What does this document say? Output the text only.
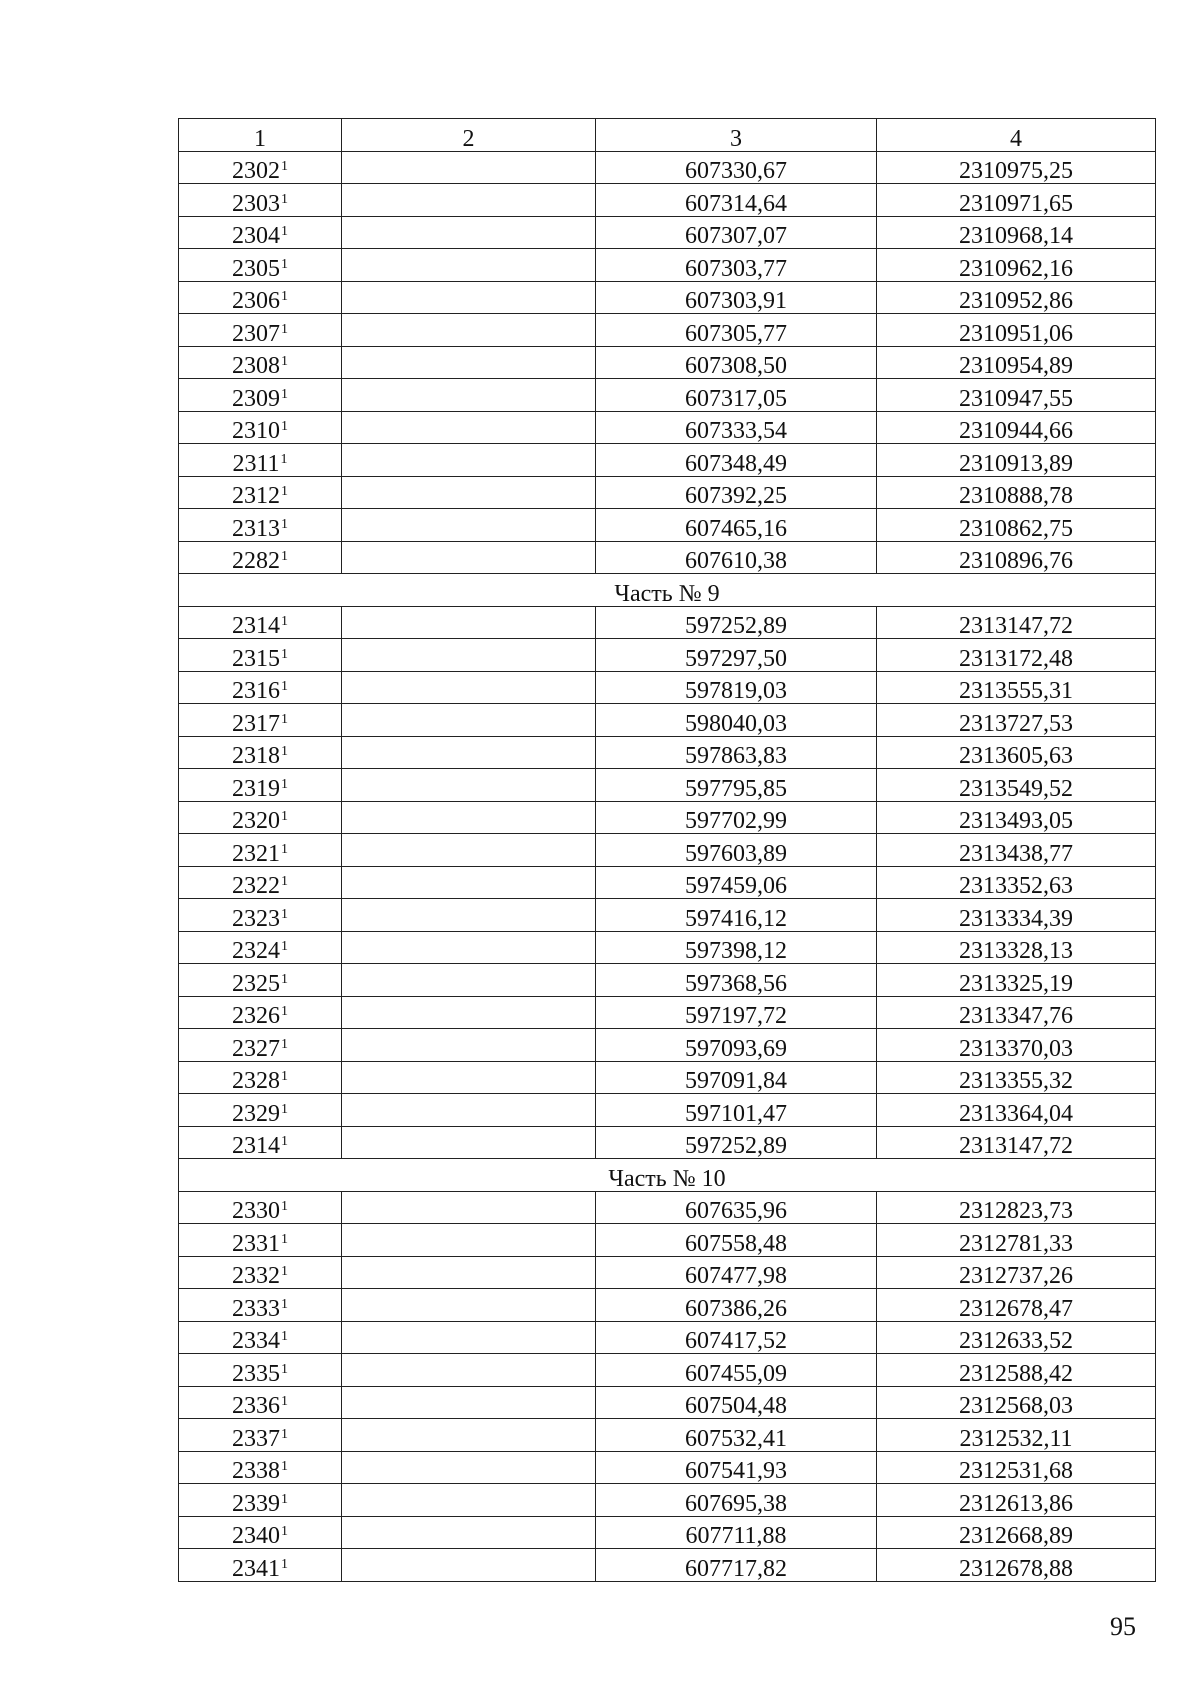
1	2	3	4
2302$^1$		607330,67	2310975,25
2303$^1$		607314,64	2310971,65
2304$^1$		607307,07	2310968,14
2305$^1$		607303,77	2310962,16
2306$^1$		607303,91	2310952,86
2307$^1$		607305,77	2310951,06
2308$^1$		607308,50	2310954,89
2309$^1$		607317,05	2310947,55
2310$^1$		607333,54	2310944,66
2311$^1$		607348,49	2310913,89
2312$^1$		607392,25	2310888,78
2313$^1$		607465,16	2310862,75
2282$^1$		607610,38	2310896,76
Часть № 9			
2314$^1$		597252,89	2313147,72
2315$^1$		597297,50	2313172,48
2316$^1$		597819,03	2313555,31
2317$^1$		598040,03	2313727,53
2318$^1$		597863,83	2313605,63
2319$^1$		597795,85	2313549,52
2320$^1$		597702,99	2313493,05
2321$^1$		597603,89	2313438,77
2322$^1$		597459,06	2313352,63
2323$^1$		597416,12	2313334,39
2324$^1$		597398,12	2313328,13
2325$^1$		597368,56	2313325,19
2326$^1$		597197,72	2313347,76
2327$^1$		597093,69	2313370,03
2328$^1$		597091,84	2313355,32
2329$^1$		597101,47	2313364,04
2314$^1$		597252,89	2313147,72
Часть № 10			
2330$^1$		607635,96	2312823,73
2331$^1$		607558,48	2312781,33
2332$^1$		607477,98	2312737,26
2333$^1$		607386,26	2312678,47
2334$^1$		607417,52	2312633,52
2335$^1$		607455,09	2312588,42
2336$^1$		607504,48	2312568,03
2337$^1$		607532,41	2312532,11
2338$^1$		607541,93	2312531,68
2339$^1$		607695,38	2312613,86
2340$^1$		607711,88	2312668,89
2341$^1$		607717,82	2312678,88
95
